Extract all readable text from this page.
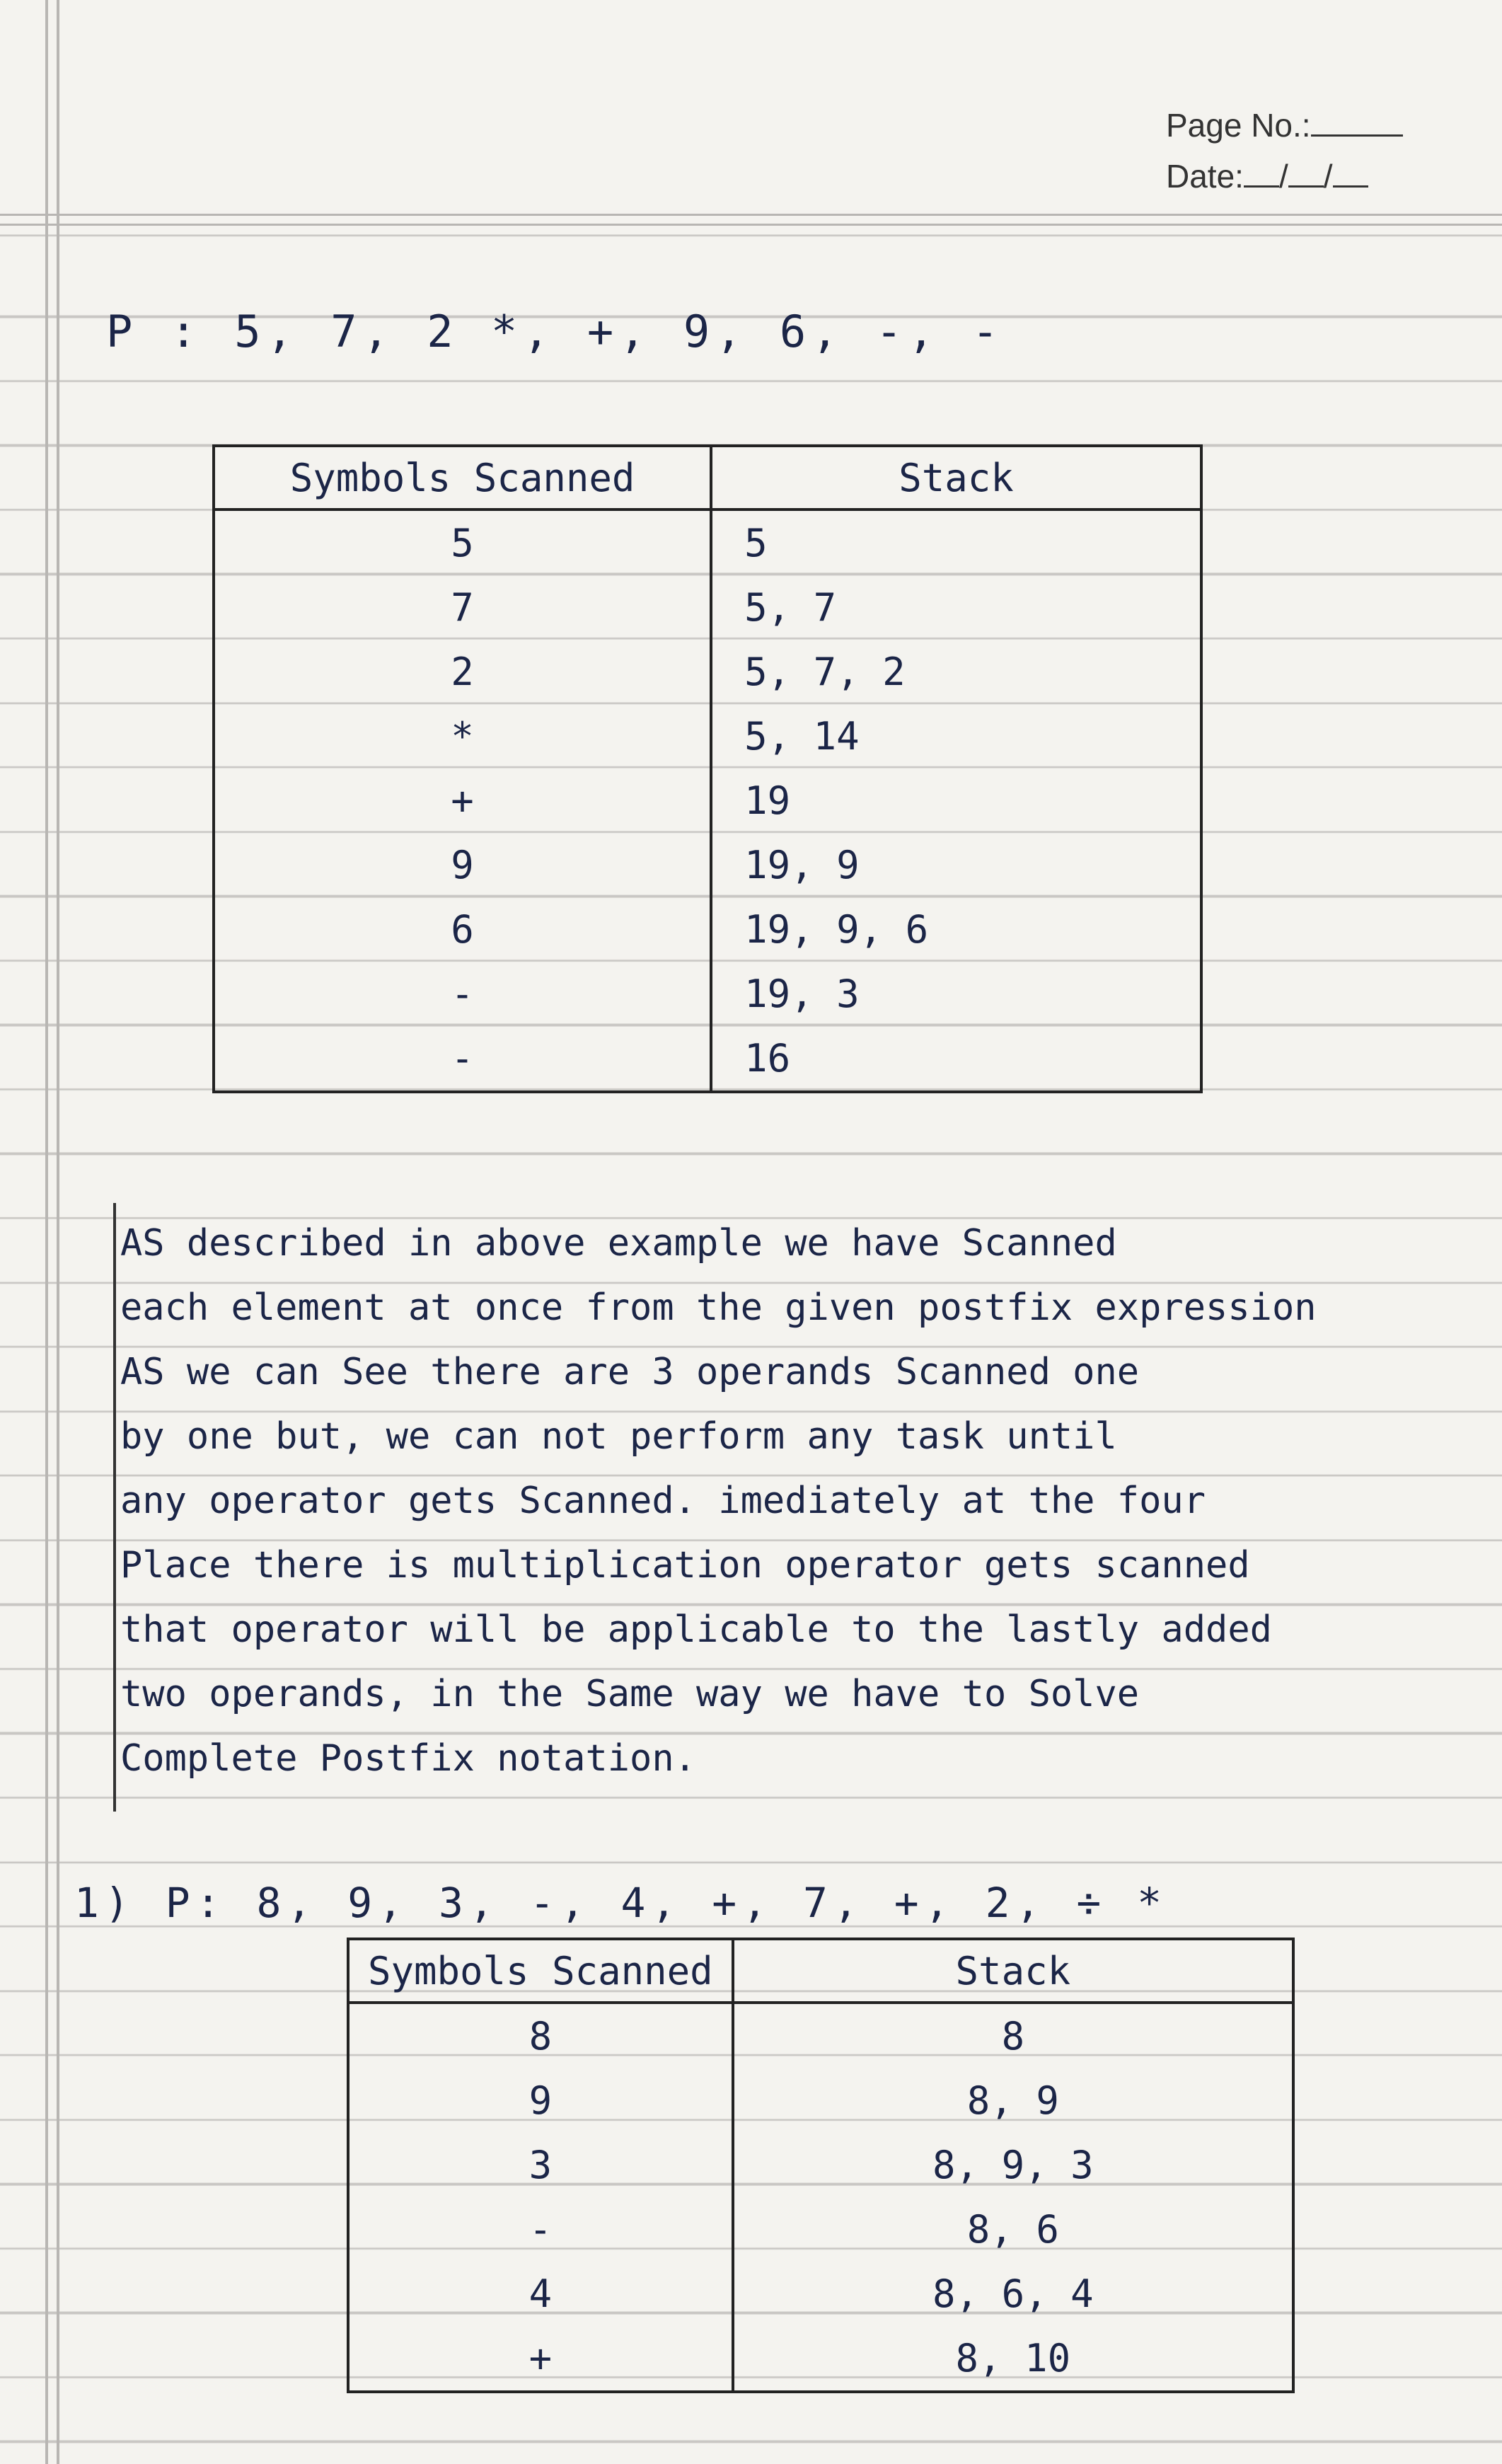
Page No.:
Date: / /
P : 5, 7, 2 *, +, 9, 6, -, -
Symbols Scanned	Stack
5	5
7	5, 7
2	5, 7, 2
*	5, 14
+	19
9	19, 9
6	19, 9, 6
-	19, 3
-	16
AS described in above example we have Scanned
each element at once from the given postfix expression
AS we can See there are 3 operands Scanned one
by one but, we can not perform any task until
any operator gets Scanned. imediately at the four
Place there is multiplication operator gets scanned
that operator will be applicable to the lastly added
two operands, in the Same way we have to Solve
Complete Postfix notation.
1) P: 8, 9, 3, -, 4, +, 7, +, 2, ÷ *
Symbols Scanned	Stack
8	8
9	8, 9
3	8, 9, 3
-	8, 6
4	8, 6, 4
+	8, 10
